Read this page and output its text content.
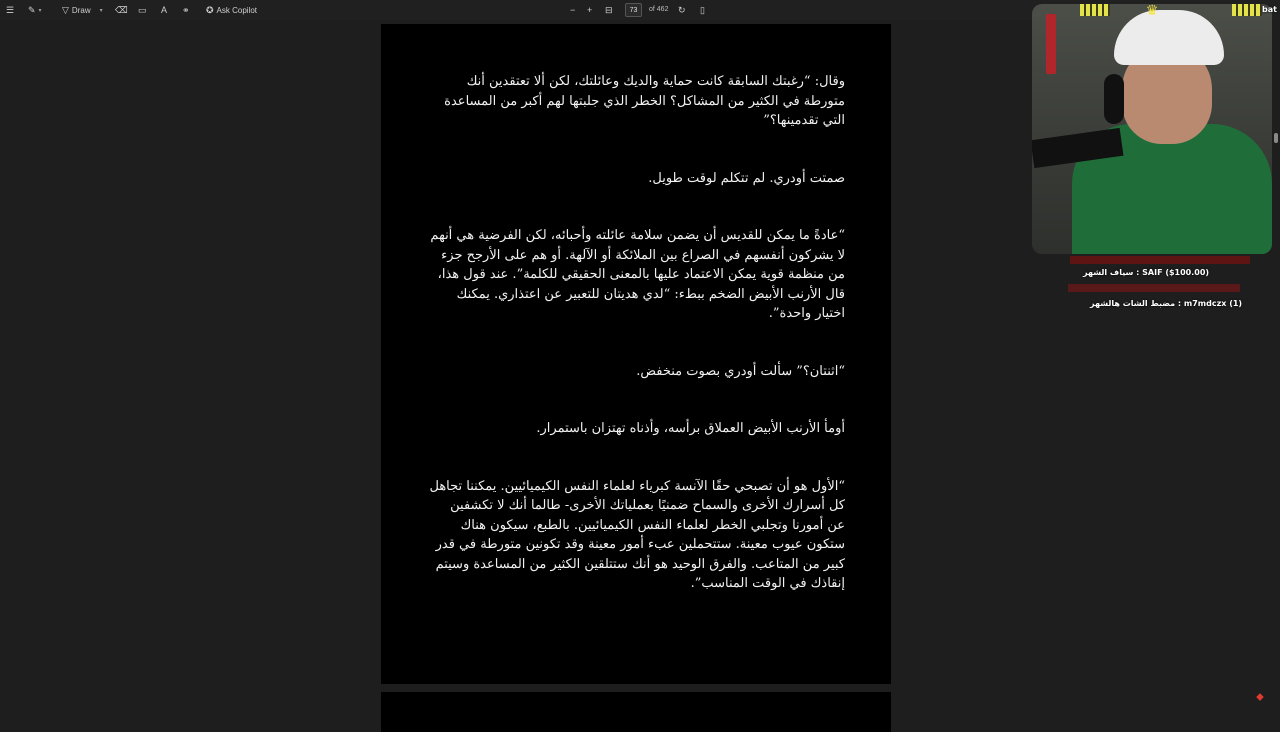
☰ ✎ ▾ ▽ Draw ▾ ⌫ ▭ A ⚭ ✪ Ask Copilot	− + ⊟	73	of 462 ↻ ▯

وقال: “رغبتك السابقة كانت حماية والديك وعائلتك، لكن ألا تعتقدين أنك متورطة في الكثير من المشاكل؟ الخطر الذي جلبتها لهم أكبر من المساعدة التي تقدمينها؟”

صمتت أودري. لم تتكلم لوقت طويل.

“عادةً ما يمكن للقديس أن يضمن سلامة عائلته وأحبائه، لكن الفرضية هي أنهم لا يشركون أنفسهم في الصراع بين الملائكة أو الآلهة. أو هم على الأرجح جزء من منظمة قوية يمكن الاعتماد عليها بالمعنى الحقيقي للكلمة”. عند قول هذا، قال الأرنب الأبيض الضخم ببطء: “لدي هديتان للتعبير عن اعتذاري. يمكنك اختيار واحدة”.

“اثنتان؟” سألت أودري بصوت منخفض.

أومأ الأرنب الأبيض العملاق برأسه، وأذناه تهتزان باستمرار.

“الأول هو أن تصبحي حقًا الآنسة كبرياء لعلماء النفس الكيميائيين. يمكننا تجاهل كل أسرارك الأخرى والسماح ضمنيًا بعملياتك الأخرى- طالما أنك لا تكشفين عن أمورنا وتجلبي الخطر لعلماء النفس الكيميائيين. بالطبع، سيكون هناك ستكون عيوب معينة. ستتحملين عبء أمور معينة وقد تكونين متورطة في قدر كبير من المتاعب. والفرق الوحيد هو أنك ستتلقين الكثير من المساعدة وسيتم إنقاذك في الوقت المناسب”.

⬥
♛	bat
SAIF ($100.00) : سياف الشهر
m7mdczx (1) : مضبط الشات هالشهر
